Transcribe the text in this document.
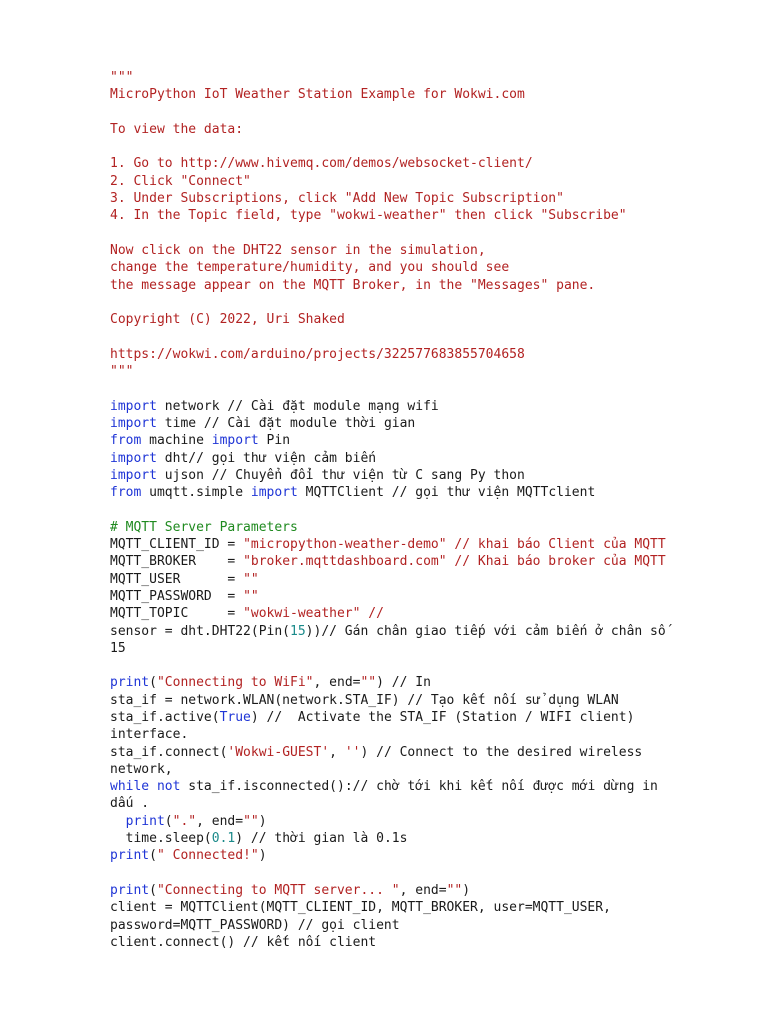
"""
MicroPython IoT Weather Station Example for Wokwi.com
To view the data:
1. Go to http://www.hivemq.com/demos/websocket-client/
2. Click "Connect"
3. Under Subscriptions, click "Add New Topic Subscription"
4. In the Topic field, type "wokwi-weather" then click "Subscribe"
Now click on the DHT22 sensor in the simulation,
change the temperature/humidity, and you should see
the message appear on the MQTT Broker, in the "Messages" pane.
Copyright (C) 2022, Uri Shaked
https://wokwi.com/arduino/projects/322577683855704658
"""
import network // Cài đặt module mạng wifi
import time // Cài đặt module thời gian
from machine import Pin
import dht// gọi thư viện cảm biến
import ujson // Chuyển đổi thư viện từ C sang Py thon
from umqtt.simple import MQTTClient // gọi thư viện MQTTclient
# MQTT Server Parameters
MQTT_CLIENT_ID = "micropython-weather-demo" // khai báo Client của MQTT
MQTT_BROKER    = "broker.mqttdashboard.com" // Khai báo broker của MQTT
MQTT_USER      = ""
MQTT_PASSWORD  = ""
MQTT_TOPIC     = "wokwi-weather" //
sensor = dht.DHT22(Pin(15))// Gán chân giao tiếp với cảm biến ở chân số
15
print("Connecting to WiFi", end="") // In
sta_if = network.WLAN(network.STA_IF) // Tạo kết nối sử dụng WLAN
sta_if.active(True) //  Activate the STA_IF (Station / WIFI client)
interface.
sta_if.connect('Wokwi-GUEST', '') // Connect to the desired wireless
network,
while not sta_if.isconnected():// chờ tới khi kết nối được mới dừng in
dấu .
print(".", end="")
time.sleep(0.1) // thời gian là 0.1s
print(" Connected!")
print("Connecting to MQTT server... ", end="")
client = MQTTClient(MQTT_CLIENT_ID, MQTT_BROKER, user=MQTT_USER,
password=MQTT_PASSWORD) // gọi client
client.connect() // kết nối client
